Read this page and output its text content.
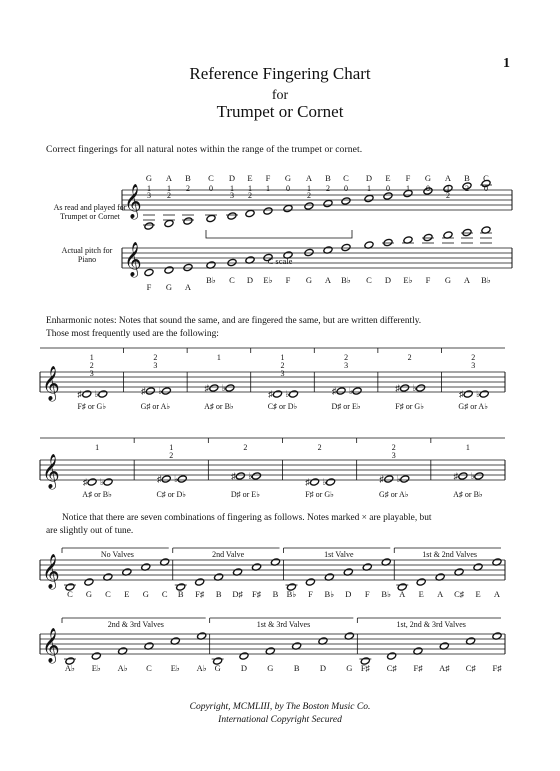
1
Reference Fingering Chart
for
Trumpet or Cornet
Correct fingerings for all natural notes within the range of the trumpet or cornet.
As read and played for Trumpet or Cornet
Actual pitch for Piano
Enharmonic notes: Notes that sound the same, and are fingered the same, but are written differently.
Those most frequently used are the following:
Notice that there are seven combinations of fingering as follows. Notes marked × are playable, but
are slightly out of tune.
Copyright, MCMLIII, by The Boston Music Co.
International Copyright Secured
𝄞
𝄞
G
1
3
F
A
1
2
G
B
2
A
C
0
B♭
D
1
3
C
E
1
2
D
F
1
E♭
G
0
F
A
1
2
G
B
2
A
C
0
B♭
D
1
C
E
0
D
F
1
E♭
G
0
F
A
1
2
G
B
2
A
C
0
B♭
C scale
𝄞
1
2
3
♯ ♭
F♯ or G♭
2
3
♯ ♭
G♯ or A♭
1
♯ ♭
A♯ or B♭
1
2
3
♯ ♭
C♯ or D♭
2
3
♯ ♭
D♯ or E♭
2
♯ ♭
F♯ or G♭
2
3
♯ ♭
G♯ or A♭
𝄞
1
♯ ♭
A♯ or B♭
1
2
♯ ♭
C♯ or D♭
2
♯ ♭
D♯ or E♭
2
♯ ♭
F♯ or G♭
2
3
♯ ♭
G♯ or A♭
1
♯ ♭
A♯ or B♭
𝄞
No Valves
C G C E G C
2nd Valve
B F♯ B D♯ F♯ B
1st Valve
B♭ F B♭ D F B♭
1st & 2nd Valves
A E A C♯ E A
𝄞
2nd & 3rd Valves
A♭ E♭ A♭ C E♭ A♭
1st & 3rd Valves
G D G B D G
1st, 2nd & 3rd Valves
F♯ C♯ F♯ A♯ C♯ F♯
